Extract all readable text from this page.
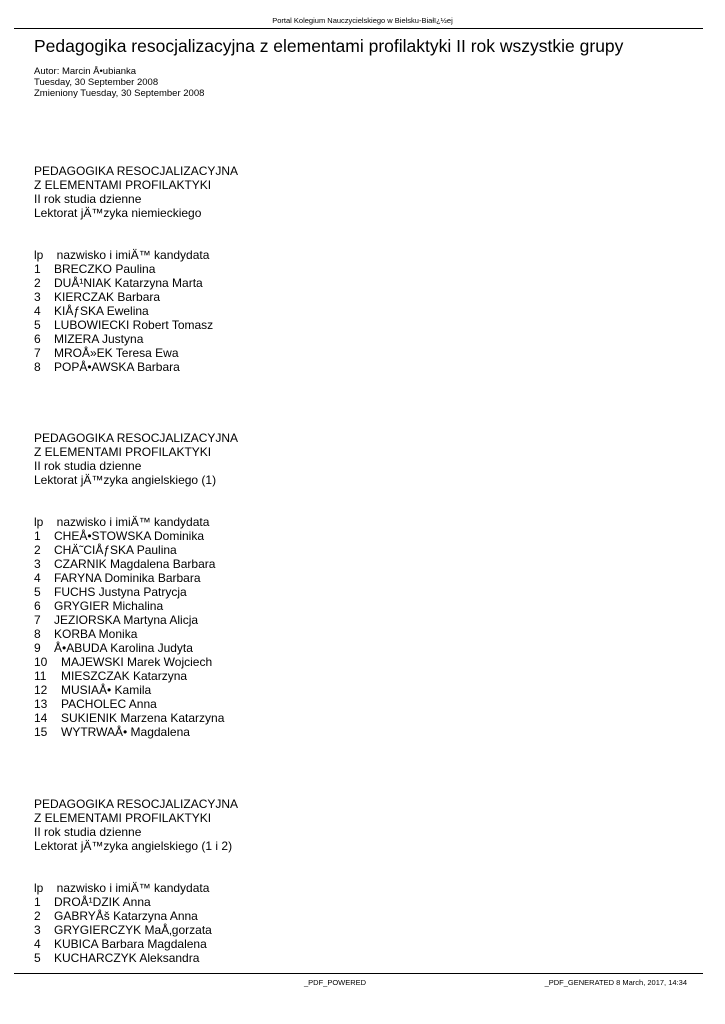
Portal Kolegium Nauczycielskiego w Bielsku-Białï¿½ej
Pedagogika resocjalizacyjna z elementami profilaktyki II rok wszystkie grupy
Autor: Marcin Å•ubianka
Tuesday, 30 September 2008
Zmieniony Tuesday, 30 September 2008
PEDAGOGIKA RESOCJALIZACYJNA
Z ELEMENTAMI PROFILAKTYKI
II rok studia dzienne
Lektorat jÄ™zyka niemieckiego
lp    nazwisko i imiÄ™ kandydata
1 BRECZKO Paulina
2 DUÅ¹NIAK Katarzyna Marta
3 KIERCZAK Barbara
4 KIÅƒSKA Ewelina
5 LUBOWIECKI Robert Tomasz
6 MIZERA Justyna
7 MROÅ»EK Teresa Ewa
8 POPÅ•AWSKA Barbara
PEDAGOGIKA RESOCJALIZACYJNA
Z ELEMENTAMI PROFILAKTYKI
II rok studia dzienne
Lektorat jÄ™zyka angielskiego (1)
lp    nazwisko i imiÄ™ kandydata
1 CHEÅ•STOWSKA Dominika
2 CHÄ˜CIÅƒSKA Paulina
3 CZARNIK Magdalena Barbara
4 FARYNA Dominika Barbara
5 FUCHS Justyna Patrycja
6 GRYGIER Michalina
7 JEZIORSKA Martyna Alicja
8 KORBA Monika
9 Å•ABUDA Karolina Judyta
10 MAJEWSKI Marek Wojciech
11 MIESZCZAK Katarzyna
12 MUSIAÅ• Kamila
13 PACHOLEC Anna
14 SUKIENIK Marzena Katarzyna
15 WYTRWAÅ• Magdalena
PEDAGOGIKA RESOCJALIZACYJNA
Z ELEMENTAMI PROFILAKTYKI
II rok studia dzienne
Lektorat jÄ™zyka angielskiego (1 i 2)
lp    nazwisko i imiÄ™ kandydata
1 DROÅ¹DZIK Anna
2 GABRYÅš Katarzyna Anna
3 GRYGIERCZYK MaÅ‚gorzata
4 KUBICA Barbara Magdalena
5 KUCHARCZYK Aleksandra
_PDF_POWERED	_PDF_GENERATED 8 March, 2017, 14:34
